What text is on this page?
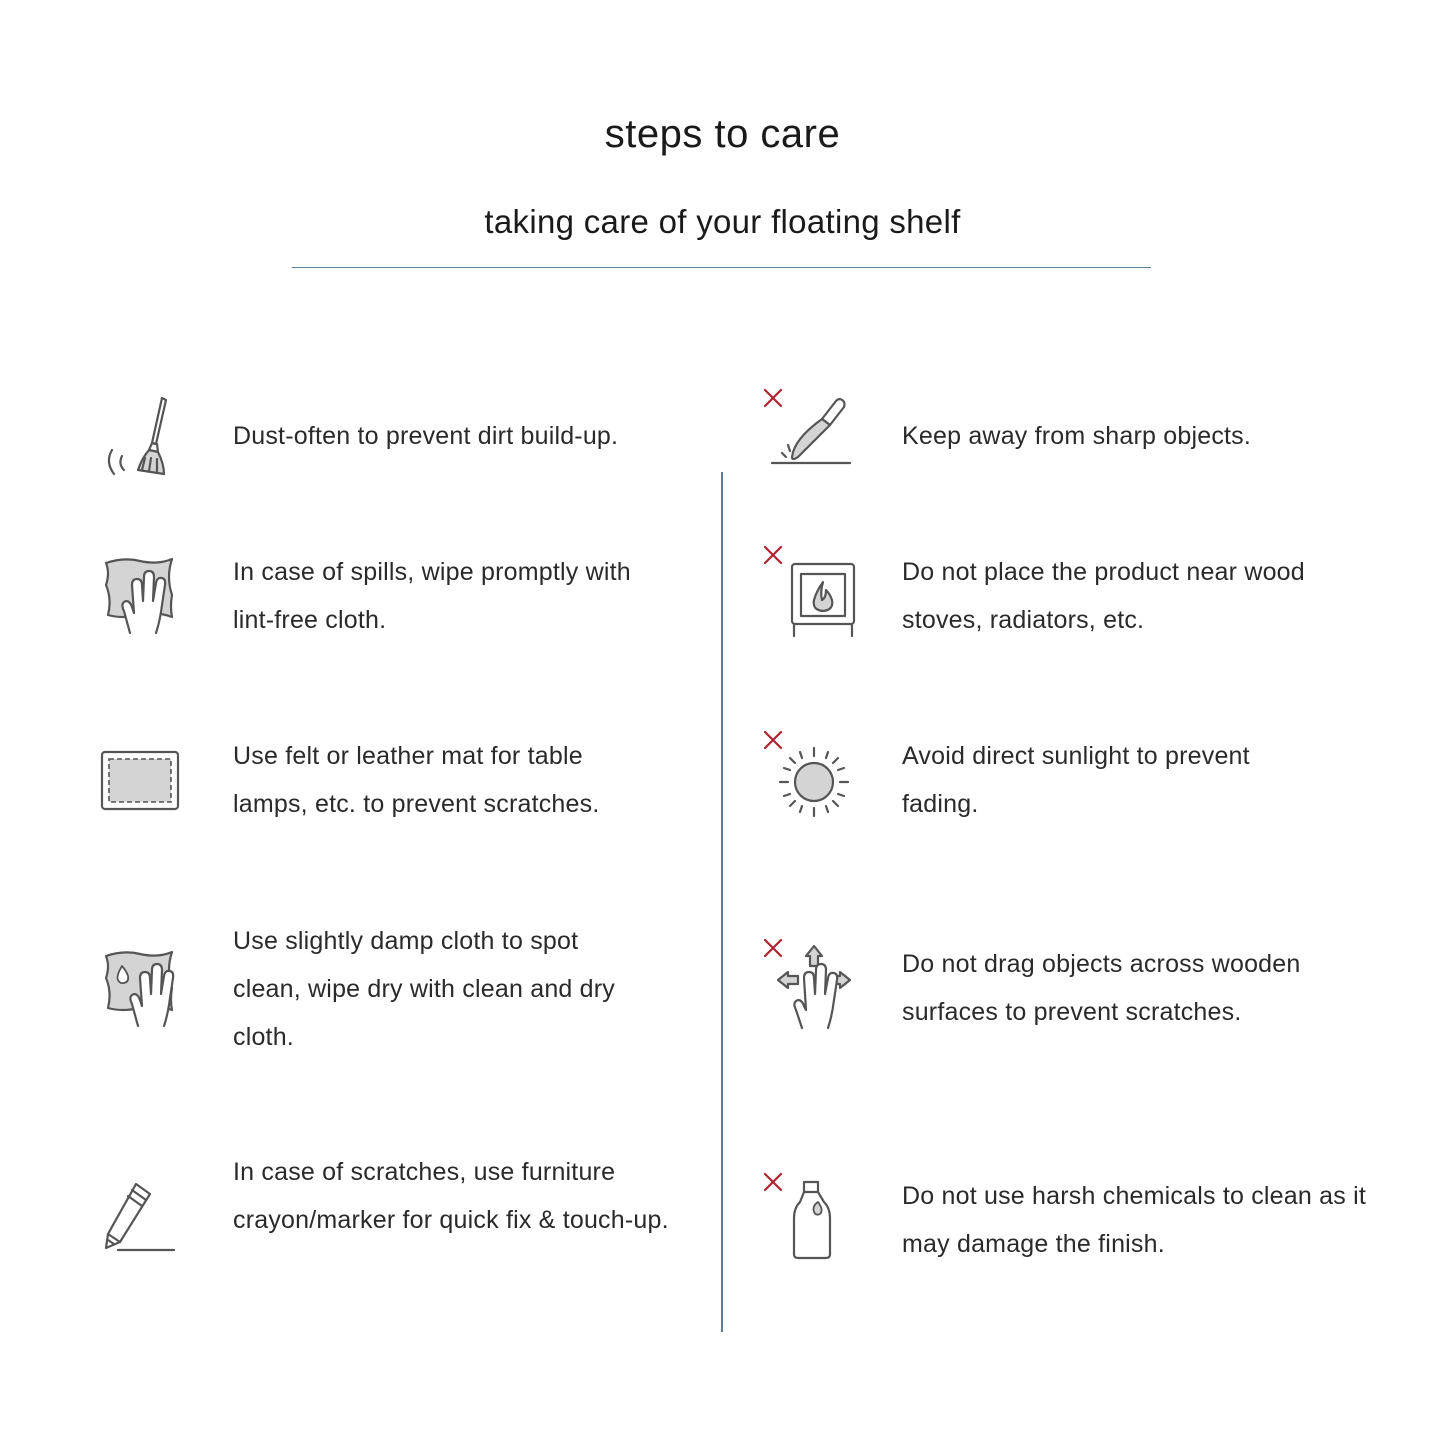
steps to care
taking care of your floating shelf
Dust-often to prevent dirt build-up.
In case of spills, wipe promptly with lint-free cloth.
Use felt or leather mat for table lamps, etc. to prevent scratches.
Use slightly damp cloth to spot clean, wipe dry with clean and dry cloth.
In case of scratches, use furniture crayon/marker for quick fix & touch-up.
Keep away from sharp objects.
Do not place the product near wood stoves, radiators, etc.
Avoid direct sunlight to prevent fading.
Do not drag objects across wooden surfaces to prevent scratches.
Do not use harsh chemicals to clean as it may damage the finish.
